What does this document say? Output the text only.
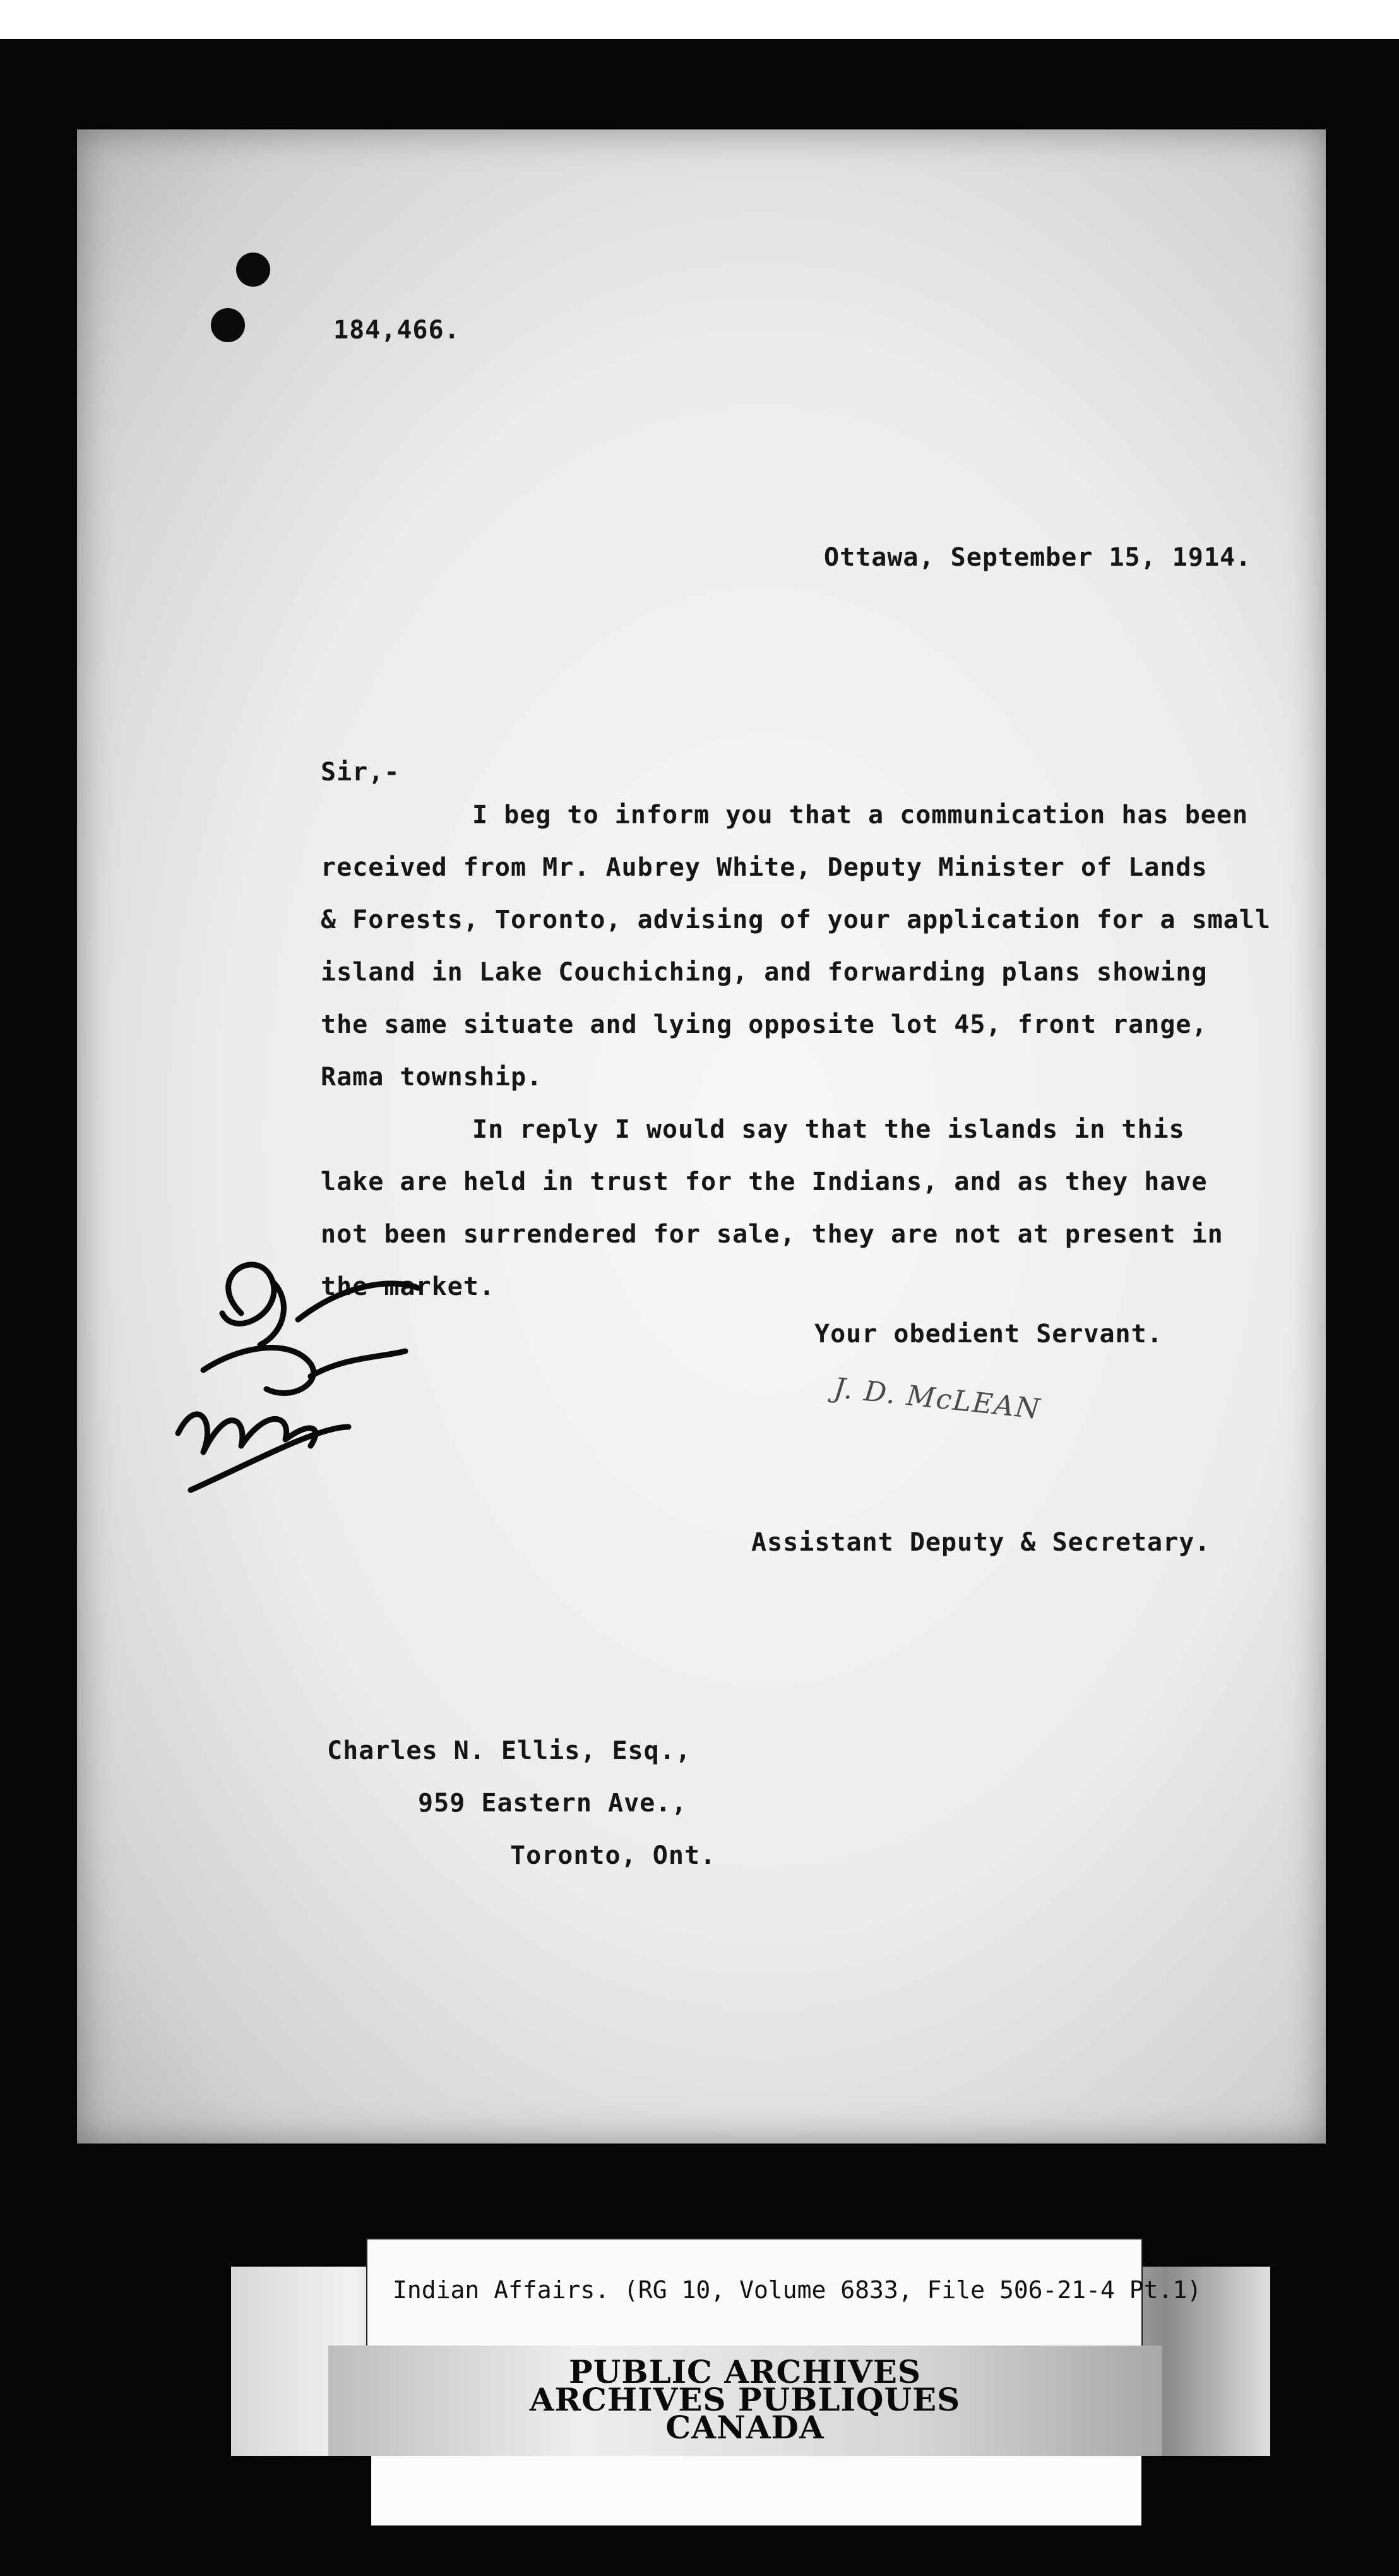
184,466.
Ottawa, September 15, 1914.
Sir,-
I beg to inform you that a communication has been
received from Mr. Aubrey White, Deputy Minister of Lands
& Forests, Toronto, advising of your application for a small
island in Lake Couchiching, and forwarding plans showing
the same situate and lying opposite lot 45, front range,
Rama township.
In reply I would say that the islands in this
lake are held in trust for the Indians, and as they have
not been surrendered for sale, they are not at present in
the market.
Your obedient Servant.
J. D. McLEAN
Assistant Deputy & Secretary.
Charles N. Ellis, Esq.,
959 Eastern Ave.,
Toronto, Ont.
Indian Affairs. (RG 10, Volume 6833, File 506-21-4 Pt.1)
PUBLIC ARCHIVES
ARCHIVES PUBLIQUES
CANADA
